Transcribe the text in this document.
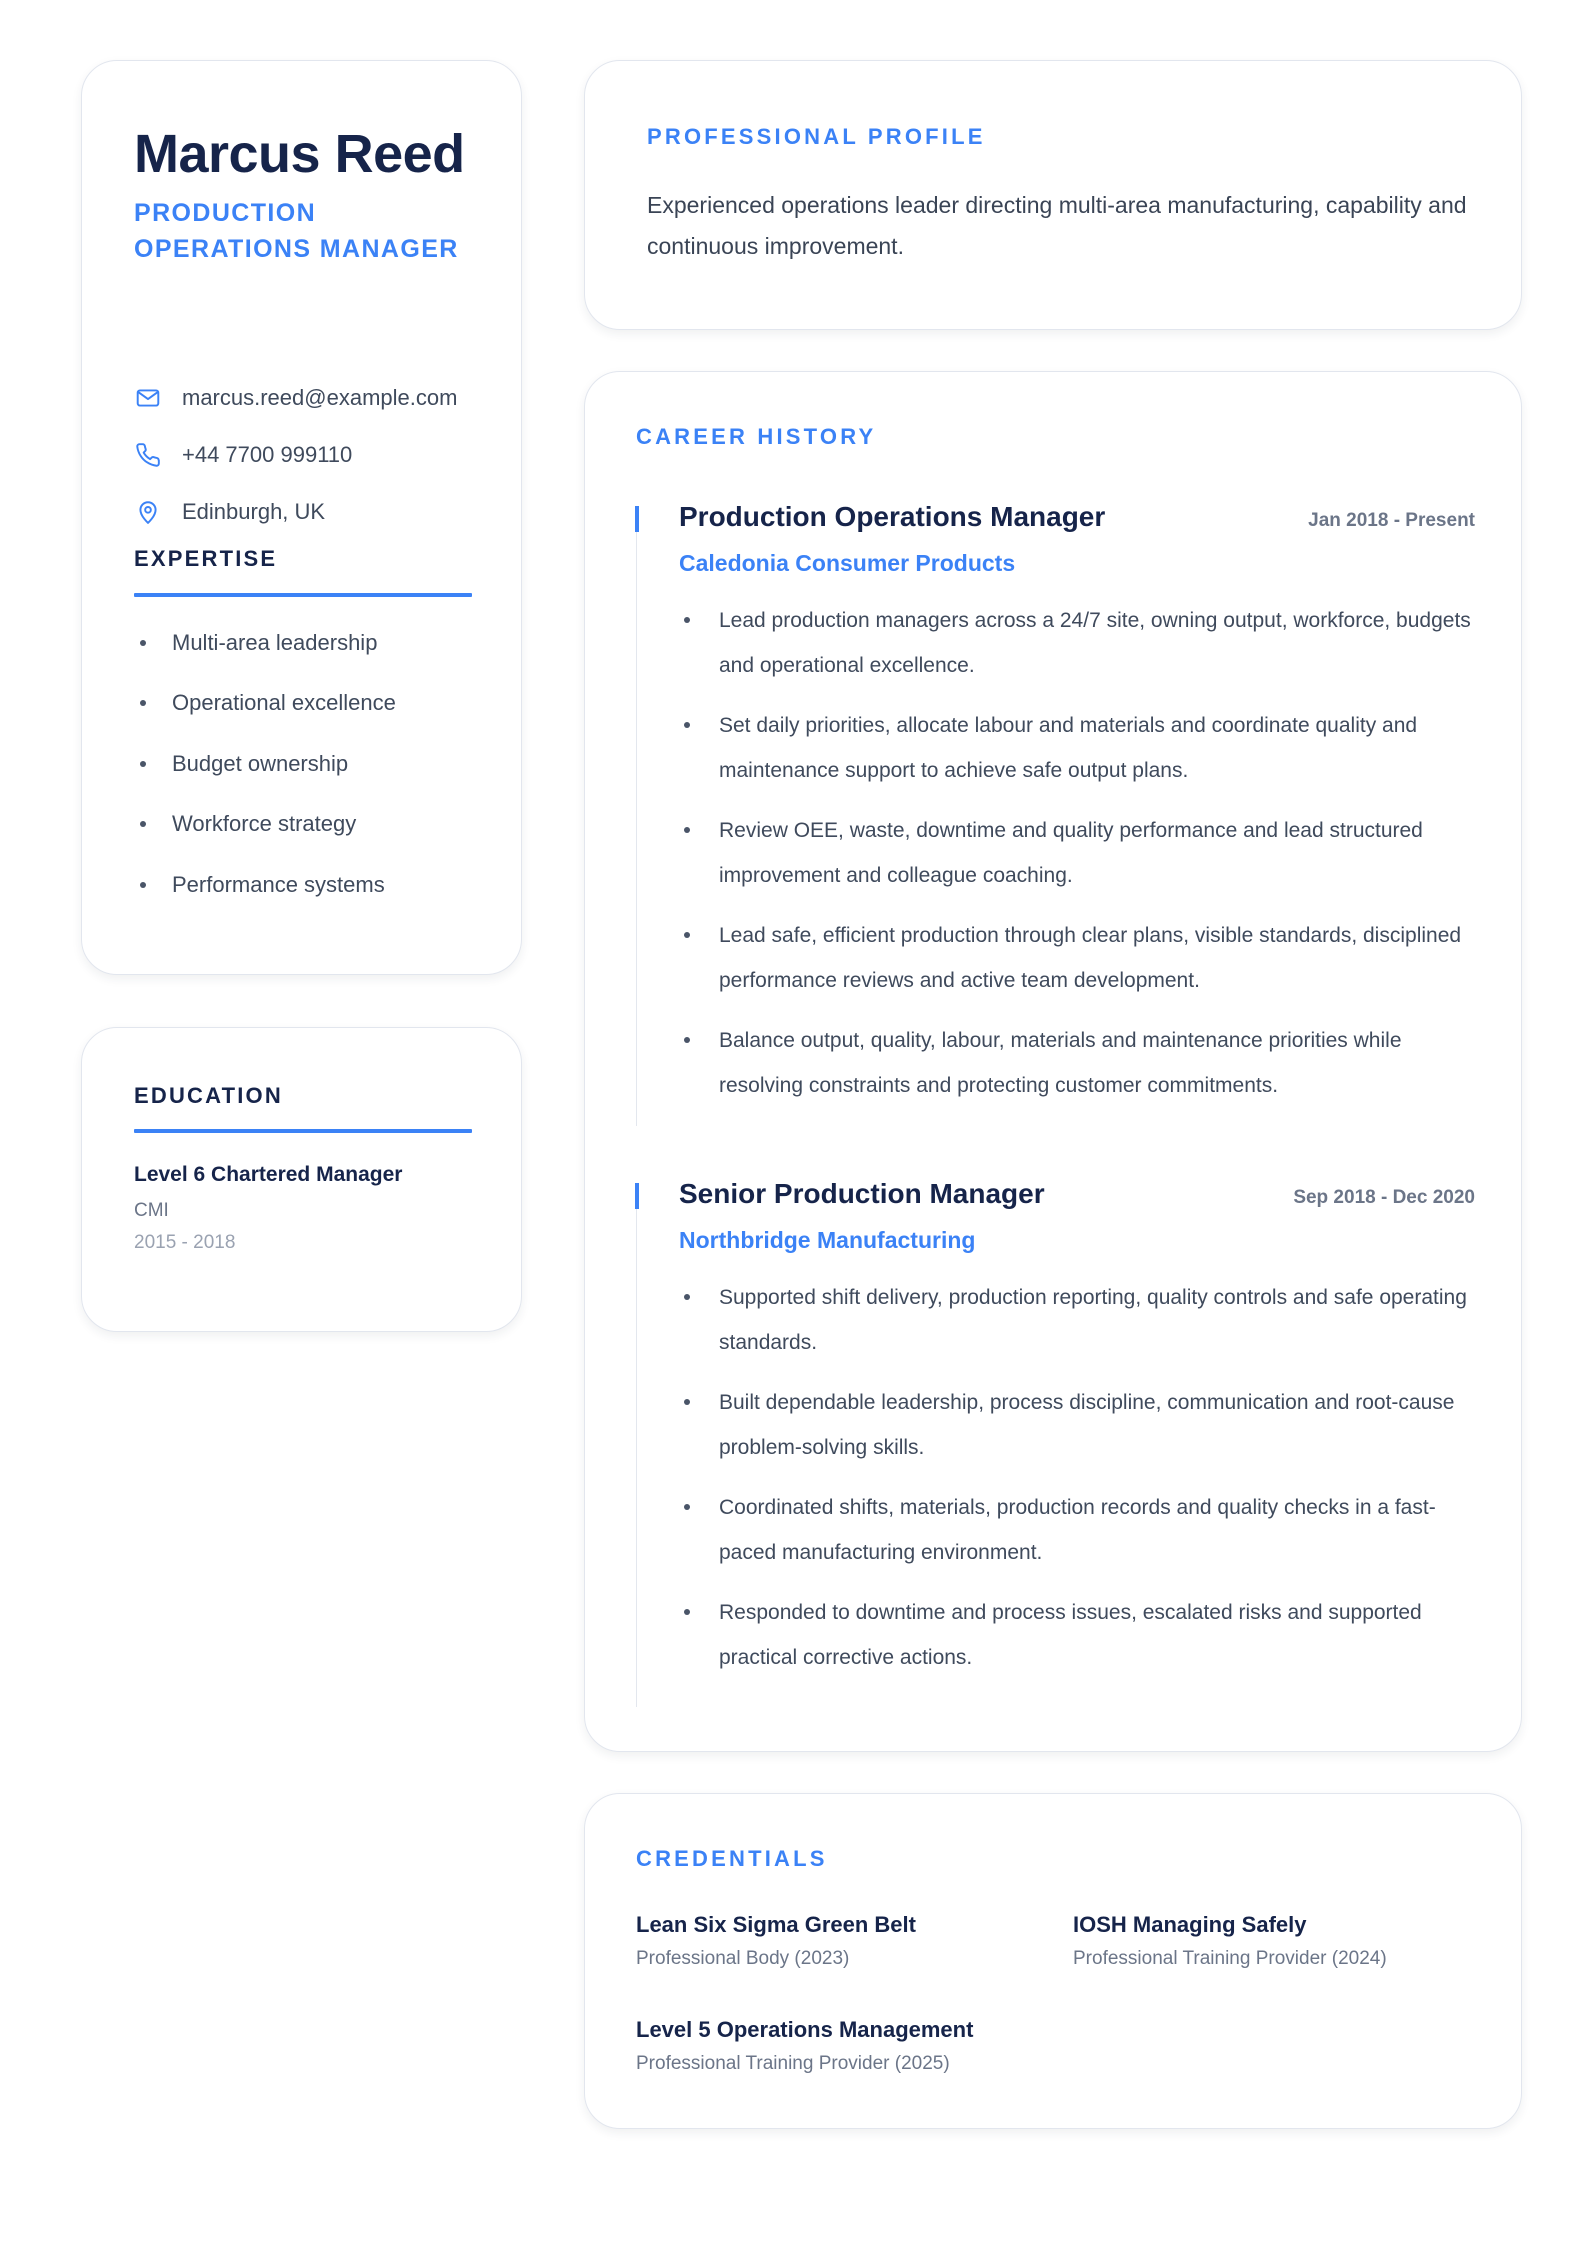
Marcus Reed
PRODUCTION OPERATIONS MANAGER
marcus.reed@example.com
+44 7700 999110
Edinburgh, UK
EXPERTISE
Multi-area leadership
Operational excellence
Budget ownership
Workforce strategy
Performance systems
EDUCATION
Level 6 Chartered Manager
CMI
2015 - 2018
PROFESSIONAL PROFILE
Experienced operations leader directing multi-area manufacturing, capability and continuous improvement.
CAREER HISTORY
Production Operations Manager	Jan 2018 - Present
Caledonia Consumer Products
Lead production managers across a 24/7 site, owning output, workforce, budgets and operational excellence.
Set daily priorities, allocate labour and materials and coordinate quality and maintenance support to achieve safe output plans.
Review OEE, waste, downtime and quality performance and lead structured improvement and colleague coaching.
Lead safe, efficient production through clear plans, visible standards, disciplined performance reviews and active team development.
Balance output, quality, labour, materials and maintenance priorities while resolving constraints and protecting customer commitments.
Senior Production Manager	Sep 2018 - Dec 2020
Northbridge Manufacturing
Supported shift delivery, production reporting, quality controls and safe operating standards.
Built dependable leadership, process discipline, communication and root-cause problem-solving skills.
Coordinated shifts, materials, production records and quality checks in a fast-paced manufacturing environment.
Responded to downtime and process issues, escalated risks and supported practical corrective actions.
CREDENTIALS
Lean Six Sigma Green Belt
Professional Body (2023)
IOSH Managing Safely
Professional Training Provider (2024)
Level 5 Operations Management
Professional Training Provider (2025)
